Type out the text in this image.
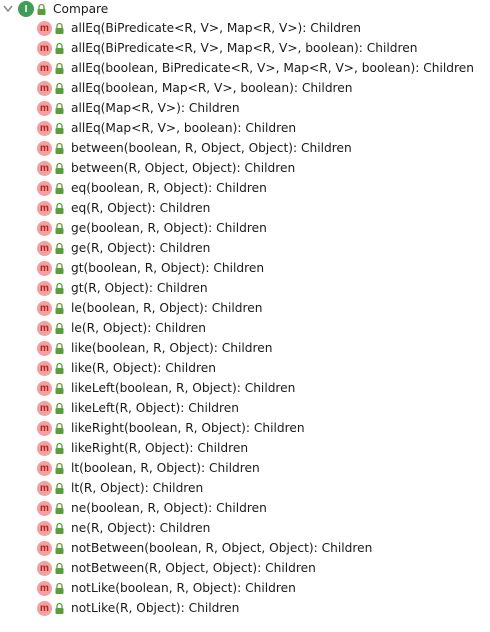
I	Compare
m allEq(BiPredicate<R, V>, Map<R, V>): Children
m allEq(BiPredicate<R, V>, Map<R, V>, boolean): Children
m allEq(boolean, BiPredicate<R, V>, Map<R, V>, boolean): Children
m allEq(boolean, Map<R, V>, boolean): Children
m allEq(Map<R, V>): Children
m allEq(Map<R, V>, boolean): Children
m between(boolean, R, Object, Object): Children
m between(R, Object, Object): Children
m eq(boolean, R, Object): Children
m eq(R, Object): Children
m ge(boolean, R, Object): Children
m ge(R, Object): Children
m gt(boolean, R, Object): Children
m gt(R, Object): Children
m le(boolean, R, Object): Children
m le(R, Object): Children
m like(boolean, R, Object): Children
m like(R, Object): Children
m likeLeft(boolean, R, Object): Children
m likeLeft(R, Object): Children
m likeRight(boolean, R, Object): Children
m likeRight(R, Object): Children
m lt(boolean, R, Object): Children
m lt(R, Object): Children
m ne(boolean, R, Object): Children
m ne(R, Object): Children
m notBetween(boolean, R, Object, Object): Children
m notBetween(R, Object, Object): Children
m notLike(boolean, R, Object): Children
m notLike(R, Object): Children
